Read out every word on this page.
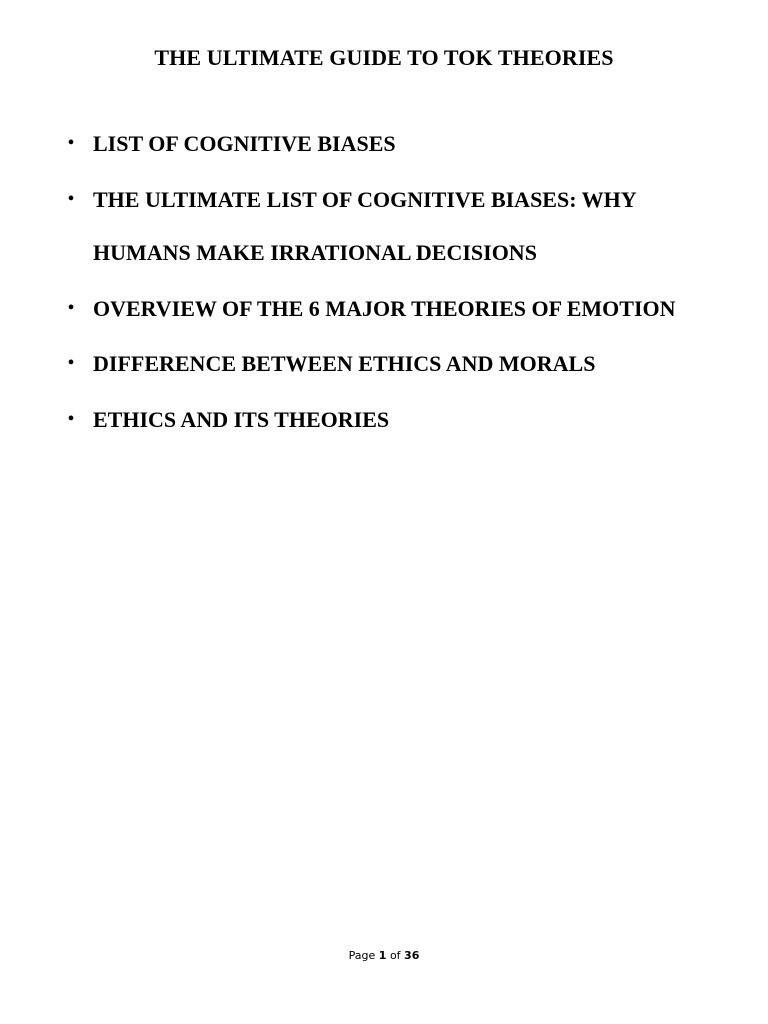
THE ULTIMATE GUIDE TO TOK THEORIES
• LIST OF COGNITIVE BIASES
• THE ULTIMATE LIST OF COGNITIVE BIASES: WHY HUMANS MAKE IRRATIONAL DECISIONS
• OVERVIEW OF THE 6 MAJOR THEORIES OF EMOTION
• DIFFERENCE BETWEEN ETHICS AND MORALS
• ETHICS AND ITS THEORIES
Page 1 of 36
